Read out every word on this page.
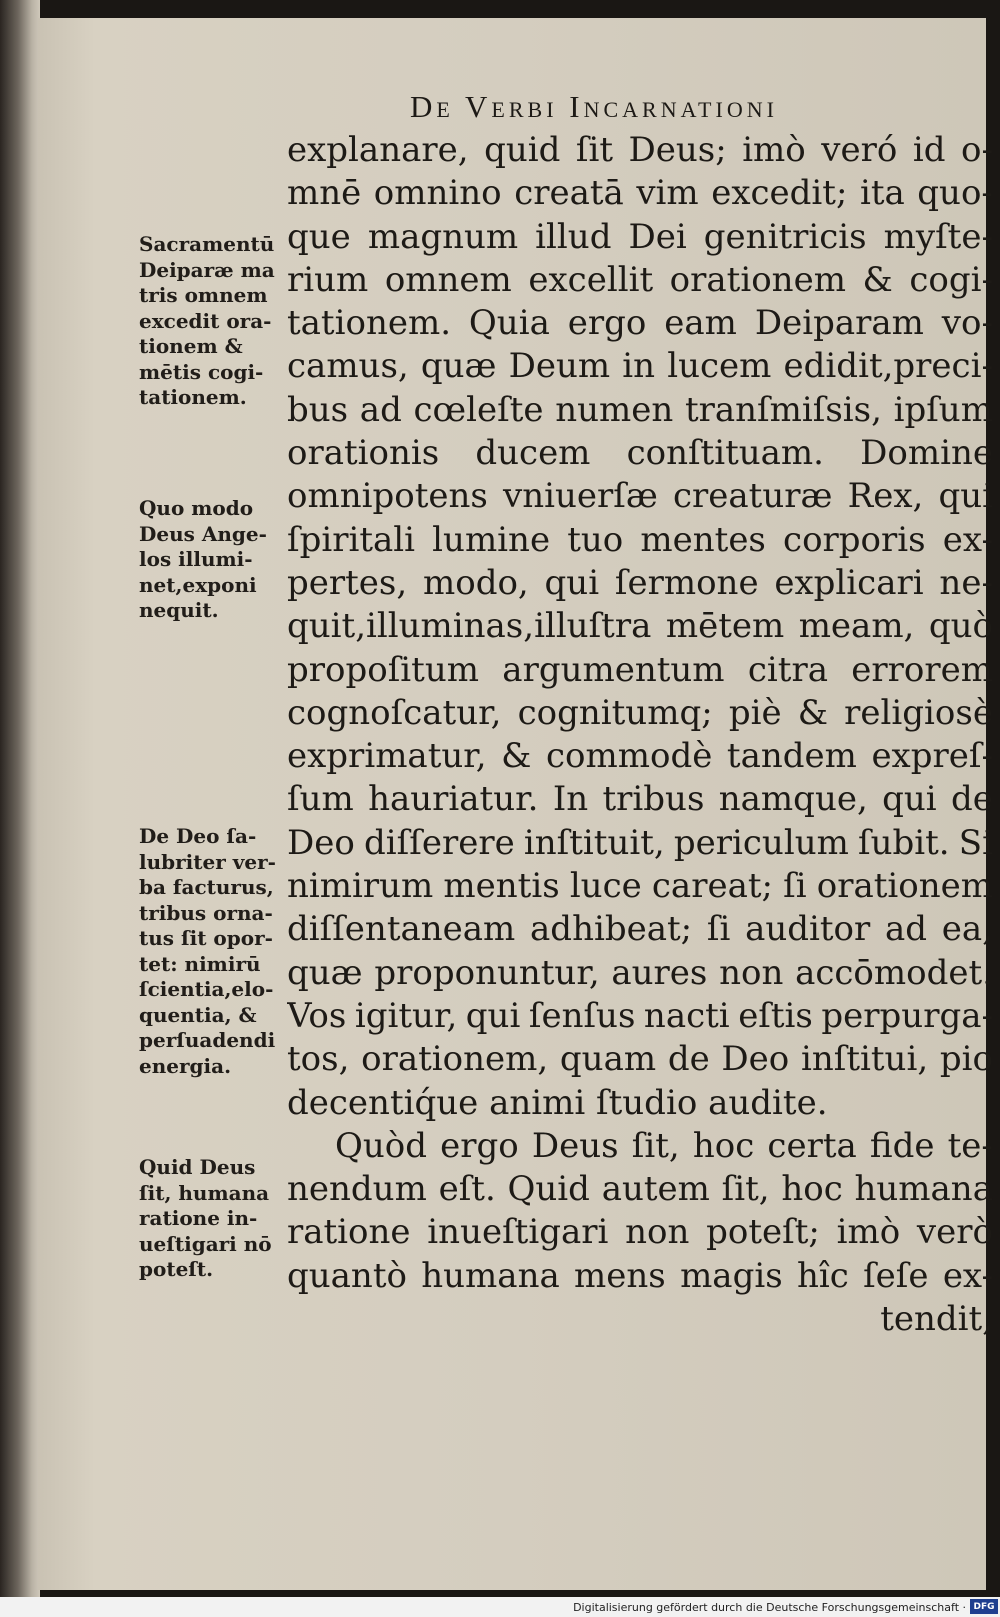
De Verbi Incarnationi
explanare, quid ſit Deus; imò veró id o-
mnē omnino creatā vim excedit; ita quo-
que magnum illud Dei genitricis myſte-
rium omnem excellit orationem & cogi-
tationem. Quia ergo eam Deiparam vo-
camus, quæ Deum in lucem edidit,preci-
bus ad cœleſte numen tranſmiſsis, ipſum
orationis ducem conſtituam. Domine
omnipotens vniuerſæ creaturæ Rex, qui
ſpiritali lumine tuo mentes corporis ex-
pertes, modo, qui ſermone explicari ne-
quit,illuminas,illuſtra mētem meam, quò
propoſitum argumentum citra errorem
cognoſcatur, cognitumq; piè & religiosè
exprimatur, & commodè tandem expreſ-
ſum hauriatur. In tribus namque, qui de
Deo diſſerere inſtituit, periculum ſubit. Si
nimirum mentis luce careat; ſi orationem
diſſentaneam adhibeat; ſi auditor ad ea,
quæ proponuntur, aures non accōmodet.
Vos igitur, qui ſenſus nacti eſtis perpurga-
tos, orationem, quam de Deo inſtitui, pio
decentiq́ue animi ſtudio audite.
Quòd ergo Deus ſit, hoc certa fide te-
nendum eſt. Quid autem ſit, hoc humana
ratione inueſtigari non poteſt; imò verò
quantò humana mens magis hîc ſeſe ex-
tendit,
Sacramentū
Deiparæ ma
tris omnem
excedit ora-
tionem &
mētis cogi-
tationem.
Quo modo
Deus Ange-
los illumi-
net,exponi
nequit.
De Deo ſa-
lubriter ver-
ba facturus,
tribus orna-
tus ſit opor-
tet: nimirū
ſcientia,elo-
quentia, &
perſuadendi
energia.
Quid Deus
ſit, humana
ratione in-
ueſtigari nō
poteſt.
Digitalisierung gefördert durch die Deutsche Forschungsgemeinschaft · DFG
